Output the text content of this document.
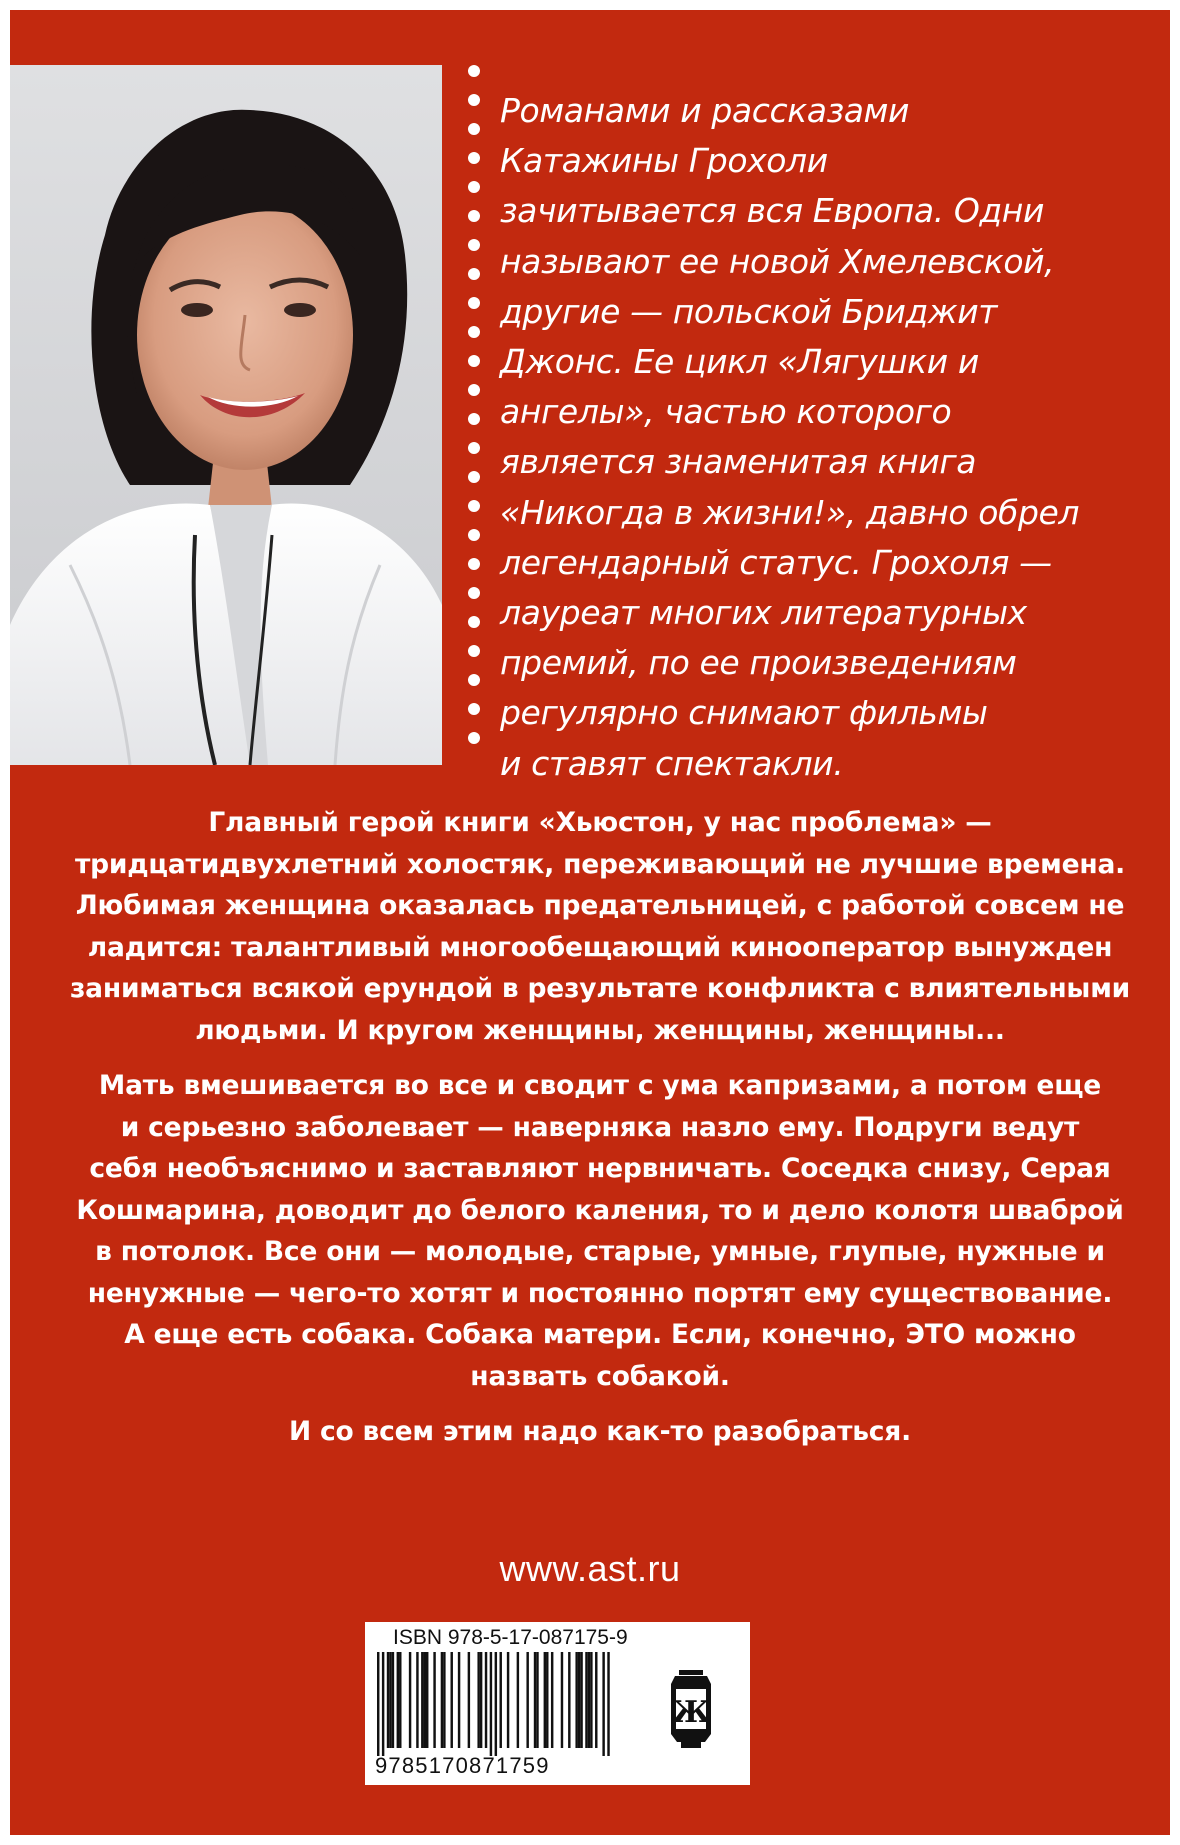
Романами и рассказами
Катажины Грохоли
зачитывается вся Европа. Одни
называют ее новой Хмелевской,
другие — польской Бриджит
Джонс. Ее цикл «Лягушки и
ангелы», частью которого
является знаменитая книга
«Никогда в жизни!», давно обрел
легендарный статус. Грохоля —
лауреат многих литературных
премий, по ее произведениям
регулярно снимают фильмы
и ставят спектакли.

Главный герой книги «Хьюстон, у нас проблема» —
тридцатидвухлетний холостяк, переживающий не лучшие времена.
Любимая женщина оказалась предательницей, с работой совсем не
ладится: талантливый многообещающий кинооператор вынужден
заниматься всякой ерундой в результате конфликта с влиятельными
людьми. И кругом женщины, женщины, женщины...

Мать вмешивается во все и сводит с ума капризами, а потом еще
и серьезно заболевает — наверняка назло ему. Подруги ведут
себя необъяснимо и заставляют нервничать. Соседка снизу, Серая
Кошмарина, доводит до белого каления, то и дело колотя шваброй
в потолок. Все они — молодые, старые, умные, глупые, нужные и
ненужные — чего-то хотят и постоянно портят ему существование.
А еще есть собака. Собака матери. Если, конечно, ЭТО можно
назвать собакой.

И со всем этим надо как-то разобраться.

www.ast.ru
ISBN 978-5-17-087175-9
9785170871759
Ж
